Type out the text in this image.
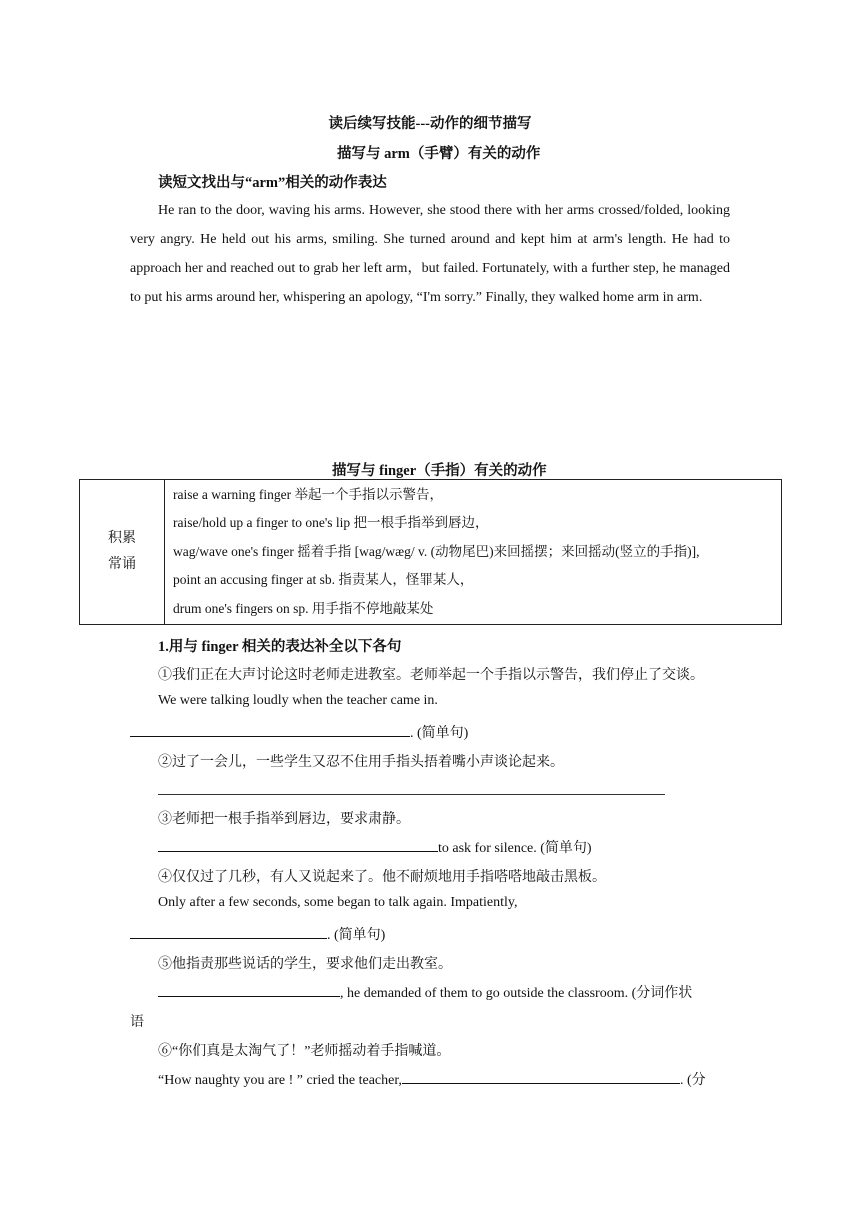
读后续写技能---动作的细节描写
描写与 arm（手臂）有关的动作
读短文找出与“arm”相关的动作表达
He ran to the door, waving his arms. However, she stood there with her arms crossed/folded, looking very angry. He held out his arms, smiling. She turned around and kept him at arm's length. He had to approach her and reached out to grab her left arm，but failed. Fortunately, with a further step, he managed to put his arms around her, whispering an apology, “I'm sorry.” Finally, they walked home arm in arm.
描写与 finger（手指）有关的动作
积累
常诵

raise a warning finger 举起一个手指以示警告，
raise/hold up a finger to one's lip 把一根手指举到唇边，
wag/wave one's finger 摇着手指 [wag/wæg/ v. (动物尾巴)来回摇摆；来回摇动(竖立的手指)],
point an accusing finger at sb. 指责某人，怪罪某人，
drum one's fingers on sp. 用手指不停地敲某处
1.用与 finger 相关的表达补全以下各句
①我们正在大声讨论这时老师走进教室。老师举起一个手指以示警告，我们停止了交谈。
We were talking loudly when the teacher came in.
. (简单句)
②过了一会儿，一些学生又忍不住用手指头捂着嘴小声谈论起来。
③老师把一根手指举到唇边，要求肃静。
to ask for silence. (简单句)
④仅仅过了几秒，有人又说起来了。他不耐烦地用手指嗒嗒地敲击黑板。
Only after a few seconds, some began to talk again. Impatiently,
. (简单句)
⑤他指责那些说话的学生，要求他们走出教室。
, he demanded of them to go outside the classroom. (分词作状
语
⑥“你们真是太淘气了！”老师摇动着手指喊道。
“How naughty you are ! ” cried the teacher,	. (分
